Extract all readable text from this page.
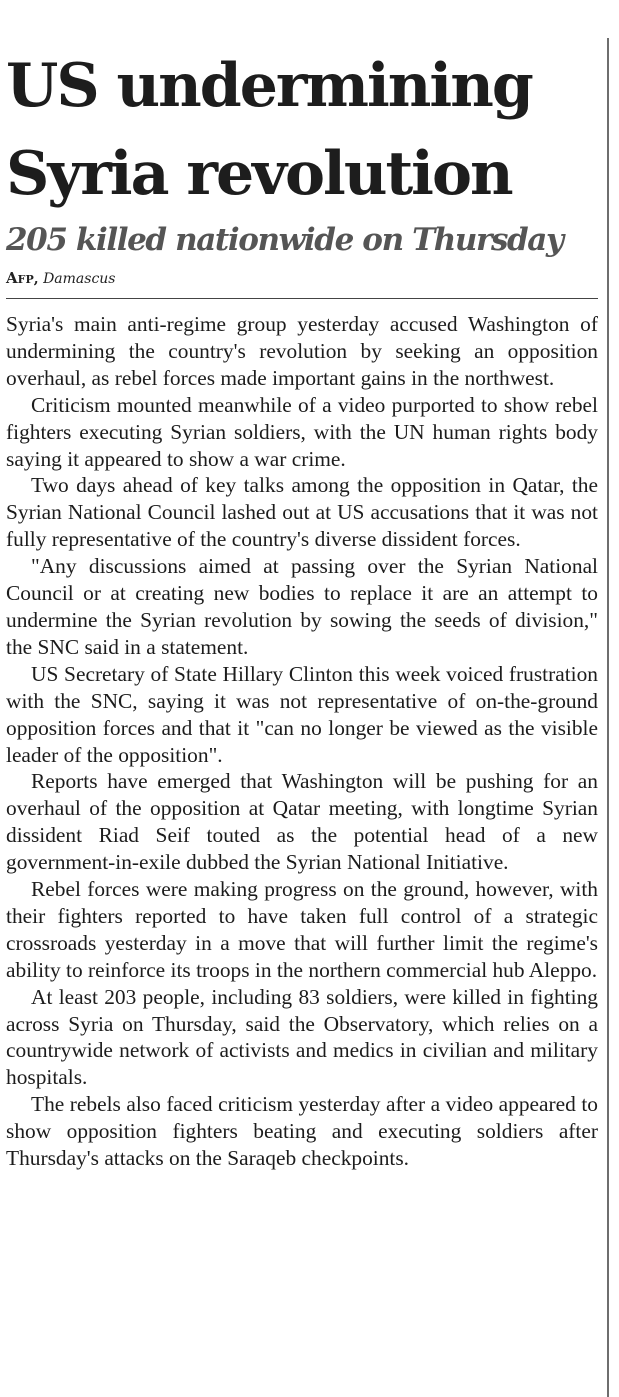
US undermining
Syria revolution
205 killed nationwide on Thursday
Afp, Damascus

Syria's main anti-regime group yesterday accused Washington of undermining the country's revolution by seeking an opposition overhaul, as rebel forces made important gains in the northwest.

Criticism mounted meanwhile of a video purported to show rebel fighters executing Syrian soldiers, with the UN human rights body saying it appeared to show a war crime.

Two days ahead of key talks among the opposition in Qatar, the Syrian National Council lashed out at US accusations that it was not fully representative of the country's diverse dissident forces.

"Any discussions aimed at passing over the Syrian National Council or at creating new bodies to replace it are an attempt to undermine the Syrian revolution by sowing the seeds of division," the SNC said in a statement.

US Secretary of State Hillary Clinton this week voiced frustration with the SNC, saying it was not representative of on-the-ground opposition forces and that it "can no longer be viewed as the visible leader of the opposition".

Reports have emerged that Washington will be pushing for an overhaul of the opposition at Qatar meeting, with longtime Syrian dissident Riad Seif touted as the potential head of a new government-in-exile dubbed the Syrian National Initiative.

Rebel forces were making progress on the ground, however, with their fighters reported to have taken full control of a strategic crossroads yesterday in a move that will further limit the regime's ability to reinforce its troops in the northern commercial hub Aleppo.

At least 203 people, including 83 soldiers, were killed in fighting across Syria on Thursday, said the Observatory, which relies on a countrywide network of activists and medics in civilian and military hospitals.

The rebels also faced criticism yesterday after a video appeared to show opposition fighters beating and executing soldiers after Thursday's attacks on the Saraqeb checkpoints.
